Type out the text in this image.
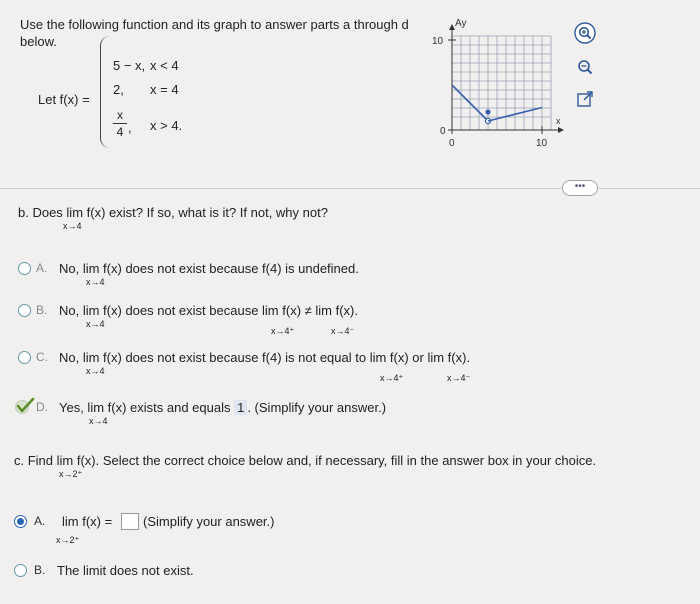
Use the following function and its graph to answer parts a through d below.
Let f(x) =
5 − x, x < 4
2, x = 4
x
4 , x > 4.
Ay
10
0
0	10
x
•••
b. Does lim f(x) exist? If so, what is it? If not, why not?
x→4
A. No, lim f(x) does not exist because f(4) is undefined.
x→4
B. No, lim f(x) does not exist because lim f(x) ≠ lim f(x).
x→4
x→4⁺	x→4⁻
C. No, lim f(x) does not exist because f(4) is not equal to lim f(x) or lim f(x).
x→4
x→4⁺	x→4⁻
D. Yes, lim f(x) exists and equals 1 . (Simplify your answer.)
x→4
c. Find lim f(x). Select the correct choice below and, if necessary, fill in the answer box in your choice.
x→2⁺
A. lim f(x) = (Simplify your answer.)
x→2⁺
B. The limit does not exist.
